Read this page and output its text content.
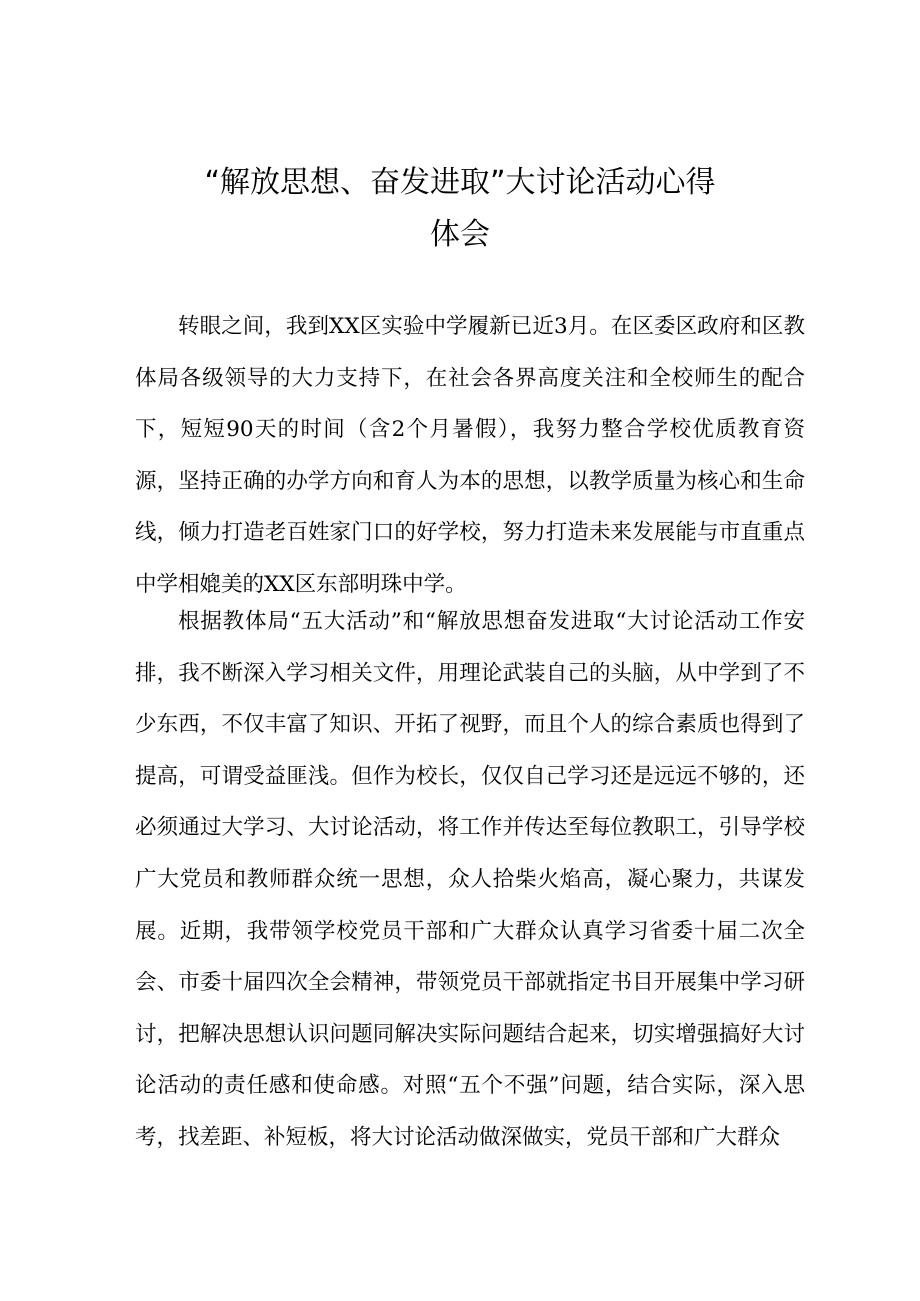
“解放思想、奋发进取”大讨论活动心得
体会

转眼之间，我到XX区实验中学履新已近3月。在区委区政府和区教体局各级领导的大力支持下，在社会各界高度关注和全校师生的配合下，短短90天的时间（含2个月暑假），我努力整合学校优质教育资源，坚持正确的办学方向和育人为本的思想，以教学质量为核心和生命线，倾力打造老百姓家门口的好学校，努力打造未来发展能与市直重点中学相媲美的XX区东部明珠中学。

根据教体局“五大活动”和“解放思想奋发进取“大讨论活动工作安排，我不断深入学习相关文件，用理论武装自己的头脑，从中学到了不少东西，不仅丰富了知识、开拓了视野，而且个人的综合素质也得到了提高，可谓受益匪浅。但作为校长，仅仅自己学习还是远远不够的，还必须通过大学习、大讨论活动，将工作并传达至每位教职工，引导学校广大党员和教师群众统一思想，众人拾柴火焰高，凝心聚力，共谋发展。近期，我带领学校党员干部和广大群众认真学习省委十届二次全会、市委十届四次全会精神，带领党员干部就指定书目开展集中学习研讨，把解决思想认识问题同解决实际问题结合起来，切实增强搞好大讨论活动的责任感和使命感。对照“五个不强”问题，结合实际，深入思考，找差距、补短板，将大讨论活动做深做实，党员干部和广大群众
